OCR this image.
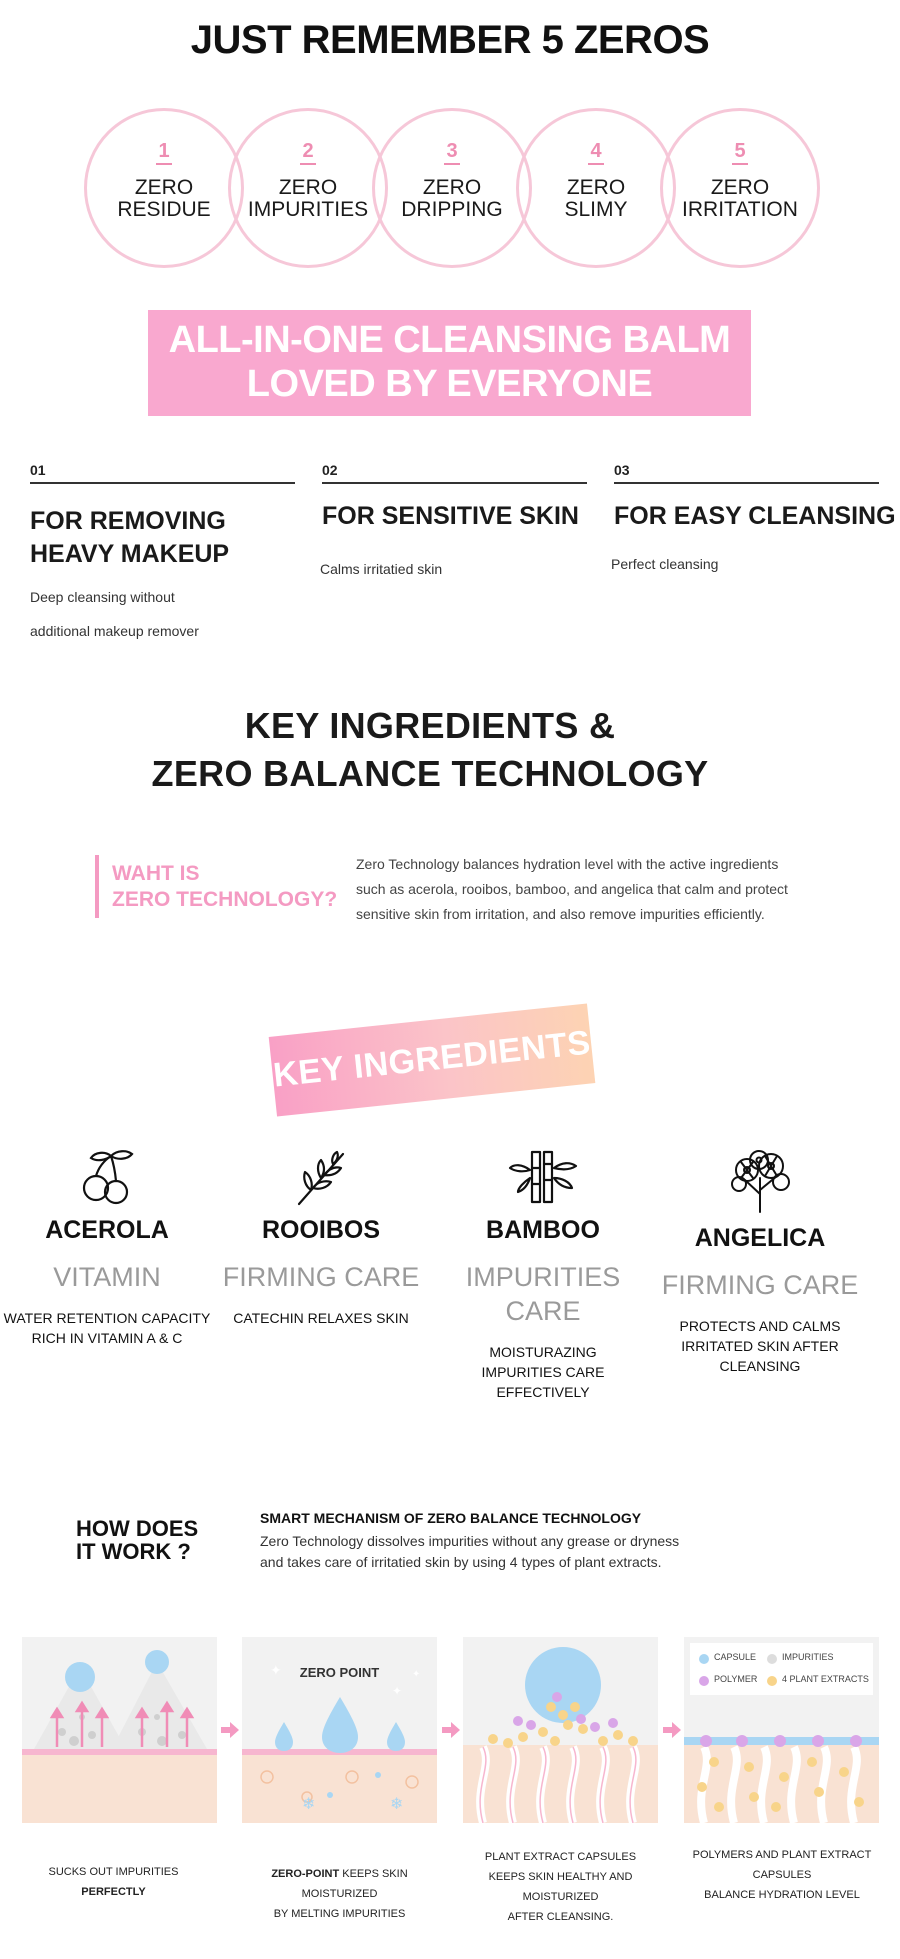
JUST REMEMBER 5 ZEROS
1
ZERO
RESIDUE
2
ZERO
IMPURITIES
3
ZERO
DRIPPING
4
ZERO
SLIMY
5
ZERO
IRRITATION
ALL-IN-ONE CLEANSING BALM
LOVED BY EVERYONE
01
FOR REMOVING
HEAVY MAKEUP
Deep cleansing without
additional makeup remover
02
FOR SENSITIVE SKIN
Calms irritatied skin
03
FOR EASY CLEANSING
Perfect cleansing
KEY INGREDIENTS &
ZERO BALANCE TECHNOLOGY
WAHT IS
ZERO TECHNOLOGY?
Zero Technology balances hydration level with the active ingredients
such as acerola, rooibos, bamboo, and angelica that calm and protect
sensitive skin from irritation, and also remove impurities efficiently.
KEY INGREDIENTS
ACEROLA
VITAMIN
WATER RETENTION CAPACITY
RICH IN VITAMIN A & C
ROOIBOS
FIRMING CARE
CATECHIN RELAXES SKIN
BAMBOO
IMPURITIES CARE
MOISTURAZING
IMPURITIES CARE EFFECTIVELY
ANGELICA
FIRMING CARE
PROTECTS AND CALMS
IRRITATED SKIN AFTER CLEANSING
HOW DOES
IT WORK ?
SMART MECHANISM OF ZERO BALANCE TECHNOLOGY
Zero Technology dissolves impurities without any grease or dryness
and takes care of irritatied skin by using 4 types of plant extracts.
✦
✦
✦
❄	❄
ZERO POINT
CAPSULE	IMPURITIES
POLYMER	4 PLANT EXTRACTS
SUCKS OUT IMPURITIES
PERFECTLY
ZERO-POINT KEEPS SKIN MOISTURIZED
BY MELTING IMPURITIES
PLANT EXTRACT CAPSULES
KEEPS SKIN HEALTHY AND MOISTURIZED
AFTER CLEANSING.
POLYMERS AND PLANT EXTRACT CAPSULES
BALANCE HYDRATION LEVEL
